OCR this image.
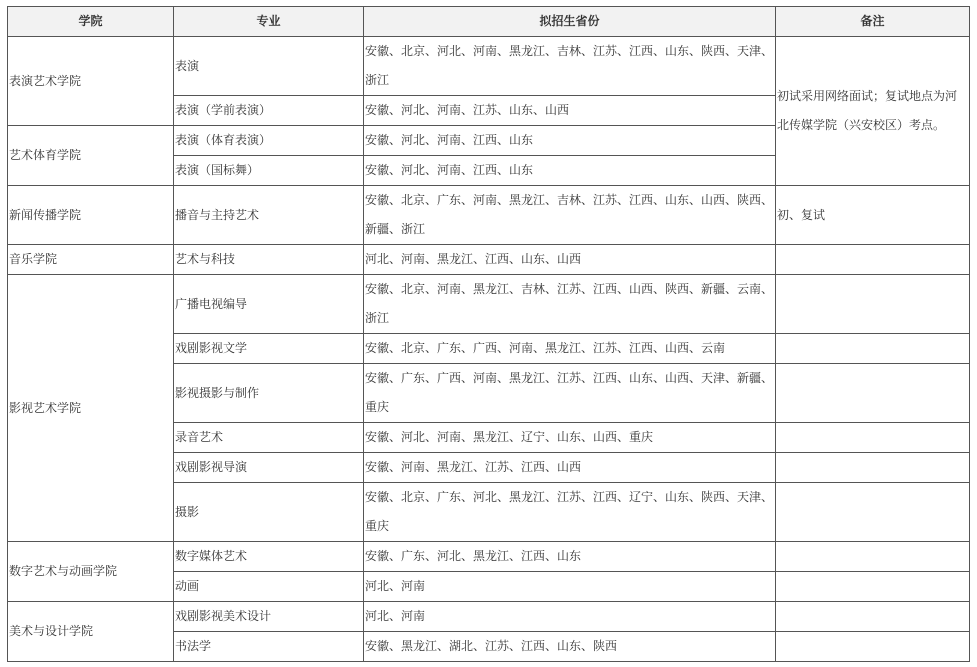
学院	专业	拟招生省份	备注
表演艺术学院	表演	安徽、北京、河北、河南、黑龙江、吉林、江苏、江西、山东、陕西、天津、浙江	初试采用网络面试；复试地点为河北传媒学院（兴安校区）考点。
	表演（学前表演）	安徽、河北、河南、江苏、山东、山西	
艺术体育学院	表演（体育表演）	安徽、河北、河南、江西、山东	
	表演（国标舞）	安徽、河北、河南、江西、山东	
新闻传播学院	播音与主持艺术	安徽、北京、广东、河南、黑龙江、吉林、江苏、江西、山东、山西、陕西、新疆、浙江	初、复试
音乐学院	艺术与科技	河北、河南、黑龙江、江西、山东、山西	
影视艺术学院	广播电视编导	安徽、北京、河南、黑龙江、吉林、江苏、江西、山西、陕西、新疆、云南、浙江	
	戏剧影视文学	安徽、北京、广东、广西、河南、黑龙江、江苏、江西、山西、云南	
	影视摄影与制作	安徽、广东、广西、河南、黑龙江、江苏、江西、山东、山西、天津、新疆、重庆	
	录音艺术	安徽、河北、河南、黑龙江、辽宁、山东、山西、重庆	
	戏剧影视导演	安徽、河南、黑龙江、江苏、江西、山西	
	摄影	安徽、北京、广东、河北、黑龙江、江苏、江西、辽宁、山东、陕西、天津、重庆	
数字艺术与动画学院	数字媒体艺术	安徽、广东、河北、黑龙江、江西、山东	
	动画	河北、河南	
美术与设计学院	戏剧影视美术设计	河北、河南	
	书法学	安徽、黑龙江、湖北、江苏、江西、山东、陕西	
